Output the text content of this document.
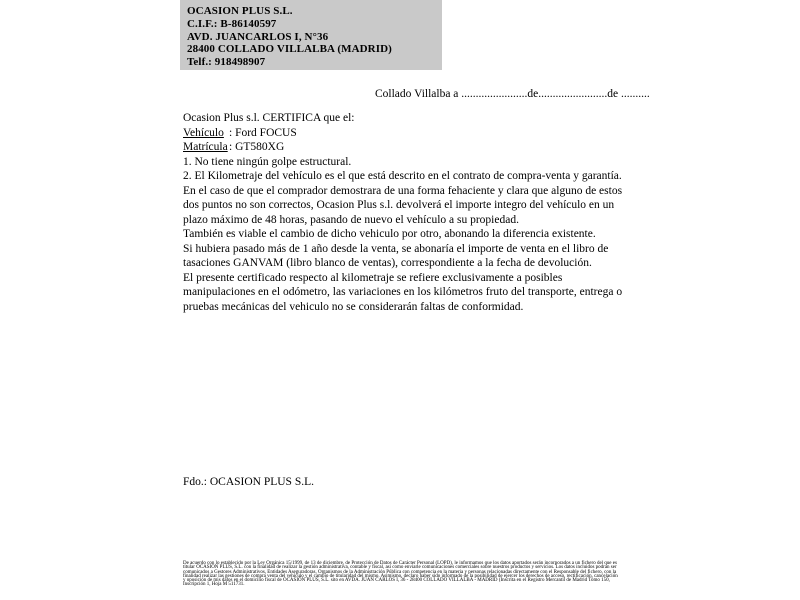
OCASION PLUS S.L.
C.I.F.: B-86140597
AVD. JUANCARLOS I, N°36
28400 COLLADO VILLALBA (MADRID)
Telf.: 918498907
Collado Villalba a .......................de........................de ..........

Ocasion Plus s.l. CERTIFICA que el:

Vehículo : Ford FOCUS

Matrícula: GT580XG

1. No tiene ningún golpe estructural.

2. El Kilometraje del vehículo es el que está descrito en el contrato de compra-venta y garantía.

En el caso de que el comprador demostrara de una forma fehaciente y clara que alguno de estos dos puntos no son correctos, Ocasion Plus s.l. devolverá el importe integro del vehículo en un plazo máximo de 48 horas, pasando de nuevo el vehículo a su propiedad.

También es viable el cambio de dicho vehiculo por otro, abonando la diferencia existente.

Si hubiera pasado más de 1 año desde la venta, se abonaría el importe de venta en el libro de tasaciones GANVAM (libro blanco de ventas), correspondiente a la fecha de devolución.

El presente certificado respecto al kilometraje se refiere exclusivamente a posibles manipulaciones en el odómetro, las variaciones en los kilómetros fruto del transporte, entrega o pruebas mecánicas del vehiculo no se considerarán faltas de conformidad.

Fdo.: OCASION PLUS S.L.
De acuerdo con lo establecido por la Ley Orgánica 15/1999, de 13 de diciembre, de Protección de Datos de Carácter Personal (LOPD), le informamos que los datos aportados serán incorporados a un fichero del que es titular OCASION PLUS, S.L. con la finalidad de realizar la gestión administrativa, contable y fiscal, así como enviarle comunicaciones comerciales sobre nuestros productos y servicios. Los datos incluidos podrán ser comunicados a Gestores Administrativos, Entidades Aseguradoras, Organismos de la Administración Pública con competencia en la materia y personas relacionadas directamente con el Responsable del fichero, con la finalidad realizar las gestiones de compra venta del vehículo y el cambio de titularidad del mismo. Asimismo, declaro haber sido informado de la posibilidad de ejercer los derechos de acceso, rectificación, cancelación y oposición de mis datos en el domicilio fiscal de OCASIÓN PLUS, S.L. sito en AVDA. JUAN CARLOS I, 36 - 28400 COLLADO VILLALBA - MADRID (Inscrita en el Registro Mercantil de Madrid Tomo 150, Inscripción 1, Hoja M 511731.
